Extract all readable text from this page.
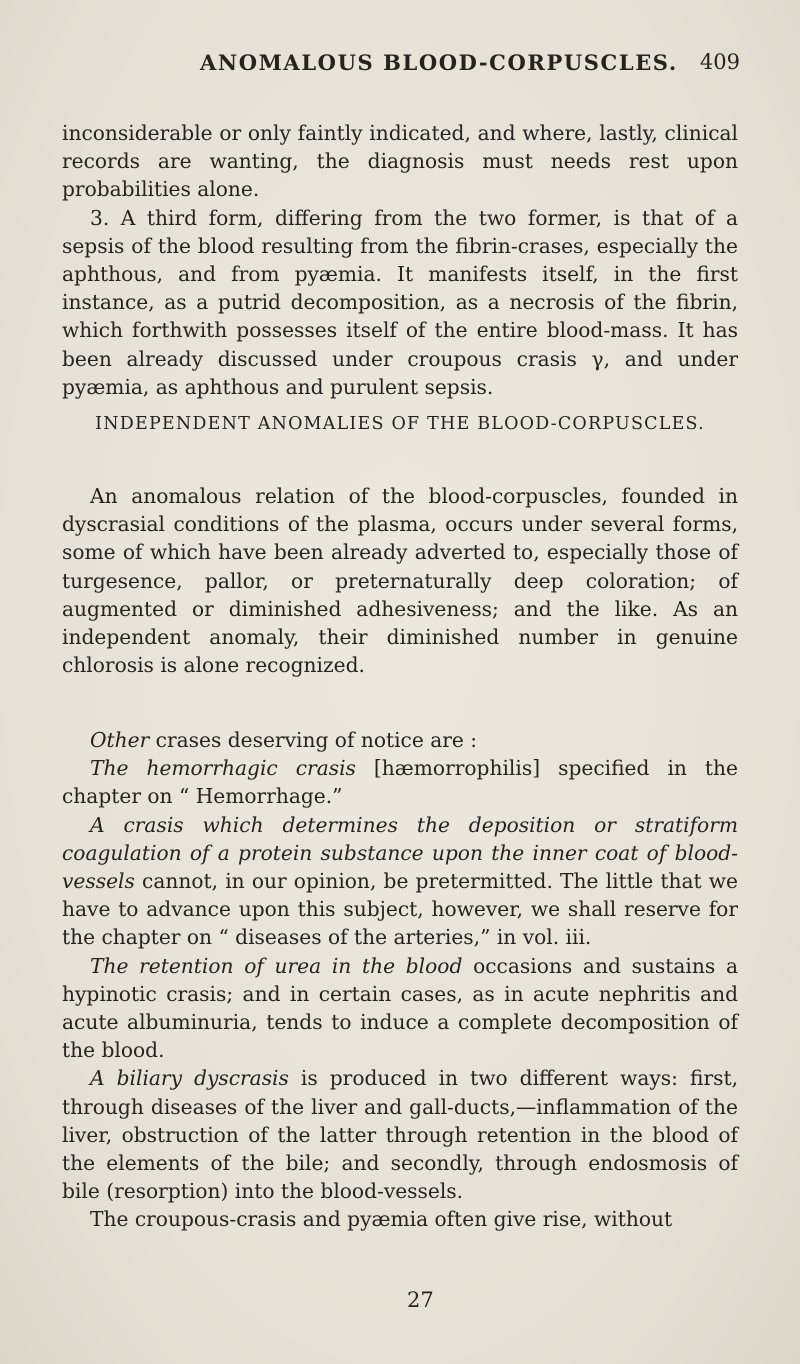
ANOMALOUS BLOOD-CORPUSCLES. 409

inconsiderable or only faintly indicated, and where, lastly, clinical records are wanting, the diagnosis must needs rest upon probabilities alone.

3. A third form, differing from the two former, is that of a sepsis of the blood resulting from the fibrin-crases, especially the aphthous, and from pyæmia. It manifests itself, in the first instance, as a putrid decomposition, as a necrosis of the fibrin, which forthwith possesses itself of the entire blood-mass. It has been already discussed under croupous crasis γ, and under pyæmia, as aphthous and purulent sepsis.

INDEPENDENT ANOMALIES OF THE BLOOD-CORPUSCLES.

An anomalous relation of the blood-corpuscles, founded in dyscrasial conditions of the plasma, occurs under several forms, some of which have been already adverted to, especially those of turgesence, pallor, or preternaturally deep coloration; of augmented or diminished adhesiveness; and the like. As an independent anomaly, their diminished number in genuine chlorosis is alone recognized.

Other crases deserving of notice are :

The hemorrhagic crasis [hæmorrophilis] specified in the chapter on “ Hemorrhage.”

A crasis which determines the deposition or stratiform coagulation of a protein substance upon the inner coat of blood-vessels cannot, in our opinion, be pretermitted. The little that we have to advance upon this subject, however, we shall reserve for the chapter on “ diseases of the arteries,” in vol. iii.

The retention of urea in the blood occasions and sustains a hypinotic crasis; and in certain cases, as in acute nephritis and acute albuminuria, tends to induce a complete decomposition of the blood.

A biliary dyscrasis is produced in two different ways: first, through diseases of the liver and gall-ducts,—inflammation of the liver, obstruction of the latter through retention in the blood of the elements of the bile; and secondly, through endosmosis of bile (resorption) into the blood-vessels.

The croupous-crasis and pyæmia often give rise, without

27
